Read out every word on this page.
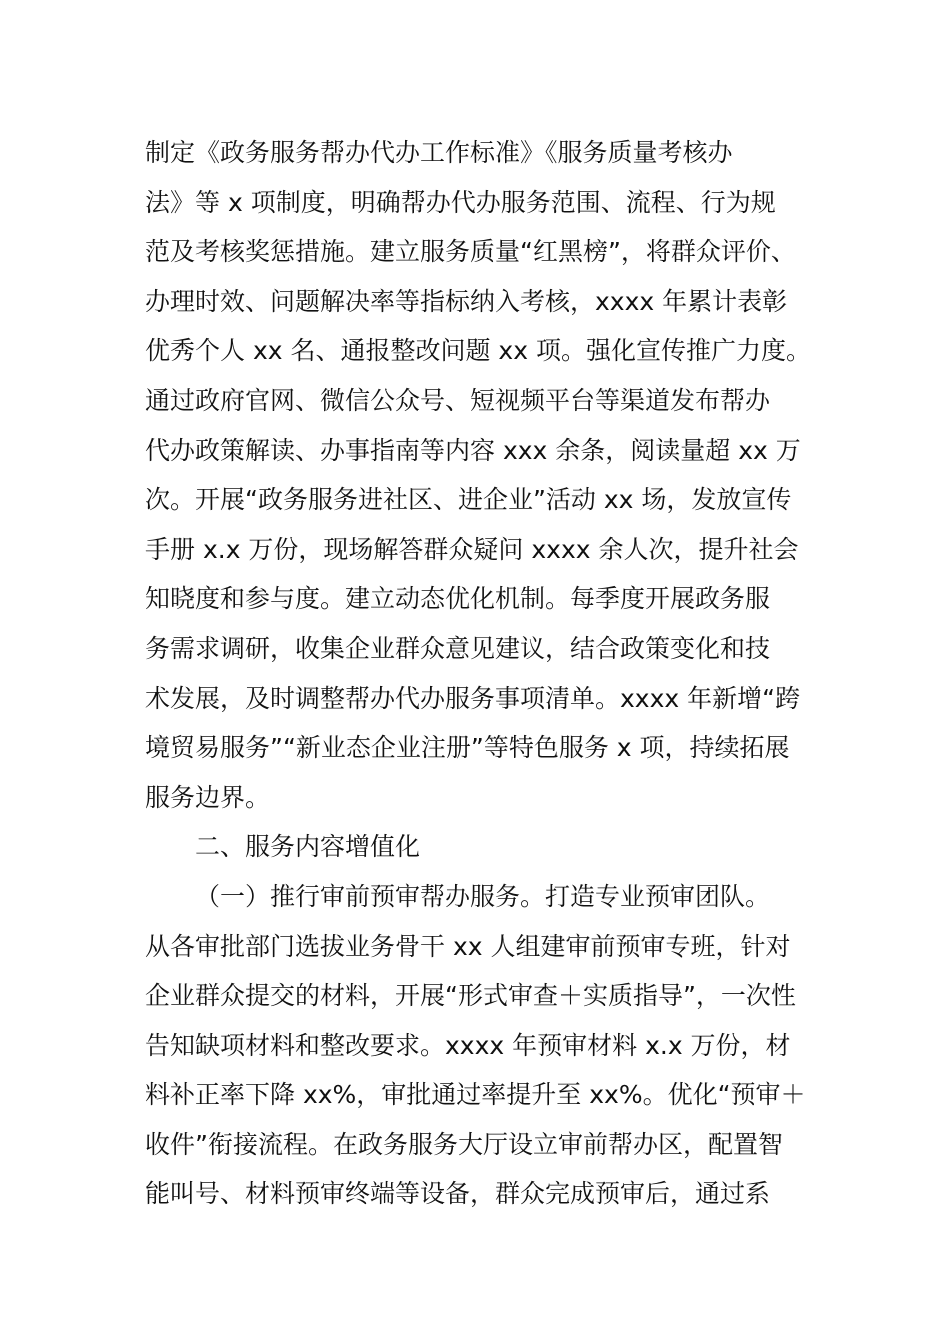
制定《政务服务帮办代办工作标准》《服务质量考核办
法》等 x 项制度，明确帮办代办服务范围、流程、行为规
范及考核奖惩措施。建立服务质量“红黑榜”，将群众评价、
办理时效、问题解决率等指标纳入考核，xxxx 年累计表彰
优秀个人 xx 名、通报整改问题 xx 项。强化宣传推广力度。
通过政府官网、微信公众号、短视频平台等渠道发布帮办
代办政策解读、办事指南等内容 xxx 余条，阅读量超 xx 万
次。开展“政务服务进社区、进企业”活动 xx 场，发放宣传
手册 x.x 万份，现场解答群众疑问 xxxx 余人次，提升社会
知晓度和参与度。建立动态优化机制。每季度开展政务服
务需求调研，收集企业群众意见建议，结合政策变化和技
术发展，及时调整帮办代办服务事项清单。xxxx 年新增“跨
境贸易服务”“新业态企业注册”等特色服务 x 项，持续拓展
服务边界。
二、服务内容增值化
（一）推行审前预审帮办服务。打造专业预审团队。
从各审批部门选拔业务骨干 xx 人组建审前预审专班，针对
企业群众提交的材料，开展“形式审查＋实质指导”，一次性
告知缺项材料和整改要求。xxxx 年预审材料 x.x 万份，材
料补正率下降 xx%，审批通过率提升至 xx%。优化“预审＋
收件”衔接流程。在政务服务大厅设立审前帮办区，配置智
能叫号、材料预审终端等设备，群众完成预审后，通过系
